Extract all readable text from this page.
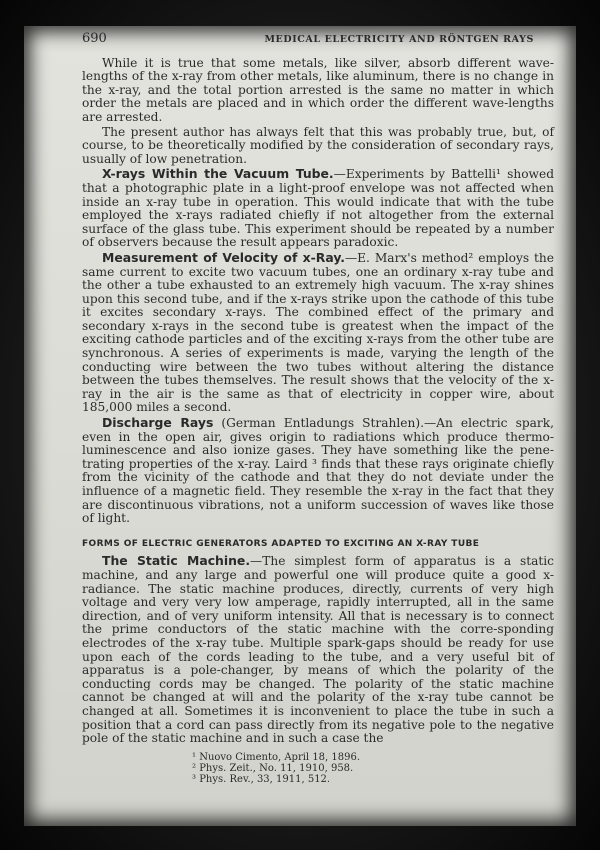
690	MEDICAL ELECTRICITY AND RÖNTGEN RAYS

While it is true that some metals, like silver, absorb different wave-lengths of the x-ray from other metals, like aluminum, there is no change in the x-ray, and the total portion arrested is the same no matter in which order the metals are placed and in which order the different wave-lengths are arrested.

The present author has always felt that this was probably true, but, of course, to be theoretically modified by the consideration of secondary rays, usually of low penetration.

X-rays Within the Vacuum Tube.—Experiments by Battelli¹ showed that a photographic plate in a light-proof envelope was not affected when inside an x-ray tube in operation. This would indicate that with the tube employed the x-rays radiated chiefly if not altogether from the external surface of the glass tube. This experiment should be repeated by a number of observers because the result appears paradoxic.

Measurement of Velocity of x-Ray.—E. Marx's method² employs the same current to excite two vacuum tubes, one an ordinary x-ray tube and the other a tube exhausted to an extremely high vacuum. The x-ray shines upon this second tube, and if the x-rays strike upon the cathode of this tube it excites secondary x-rays. The combined effect of the primary and secondary x-rays in the second tube is greatest when the impact of the exciting cathode particles and of the exciting x-rays from the other tube are synchronous. A series of experiments is made, varying the length of the conducting wire between the two tubes without altering the distance between the tubes themselves. The result shows that the velocity of the x-ray in the air is the same as that of electricity in copper wire, about 185,000 miles a second.

Discharge Rays (German Entladungs Strahlen).—An electric spark, even in the open air, gives origin to radiations which produce thermo-luminescence and also ionize gases. They have something like the pene-trating properties of the x-ray. Laird ³ finds that these rays originate chiefly from the vicinity of the cathode and that they do not deviate under the influence of a magnetic field. They resemble the x-ray in the fact that they are discontinuous vibrations, not a uniform succession of waves like those of light.

FORMS OF ELECTRIC GENERATORS ADAPTED TO EXCITING AN X-RAY TUBE

The Static Machine.—The simplest form of apparatus is a static machine, and any large and powerful one will produce quite a good x-radiance. The static machine produces, directly, currents of very high voltage and very very low amperage, rapidly interrupted, all in the same direction, and of very uniform intensity. All that is necessary is to connect the prime conductors of the static machine with the corre-sponding electrodes of the x-ray tube. Multiple spark-gaps should be ready for use upon each of the cords leading to the tube, and a very useful bit of apparatus is a pole-changer, by means of which the polarity of the conducting cords may be changed. The polarity of the static machine cannot be changed at will and the polarity of the x-ray tube cannot be changed at all. Sometimes it is inconvenient to place the tube in such a position that a cord can pass directly from its negative pole to the negative pole of the static machine and in such a case the

¹ Nuovo Cimento, April 18, 1896.
² Phys. Zeit., No. 11, 1910, 958.
³ Phys. Rev., 33, 1911, 512.
